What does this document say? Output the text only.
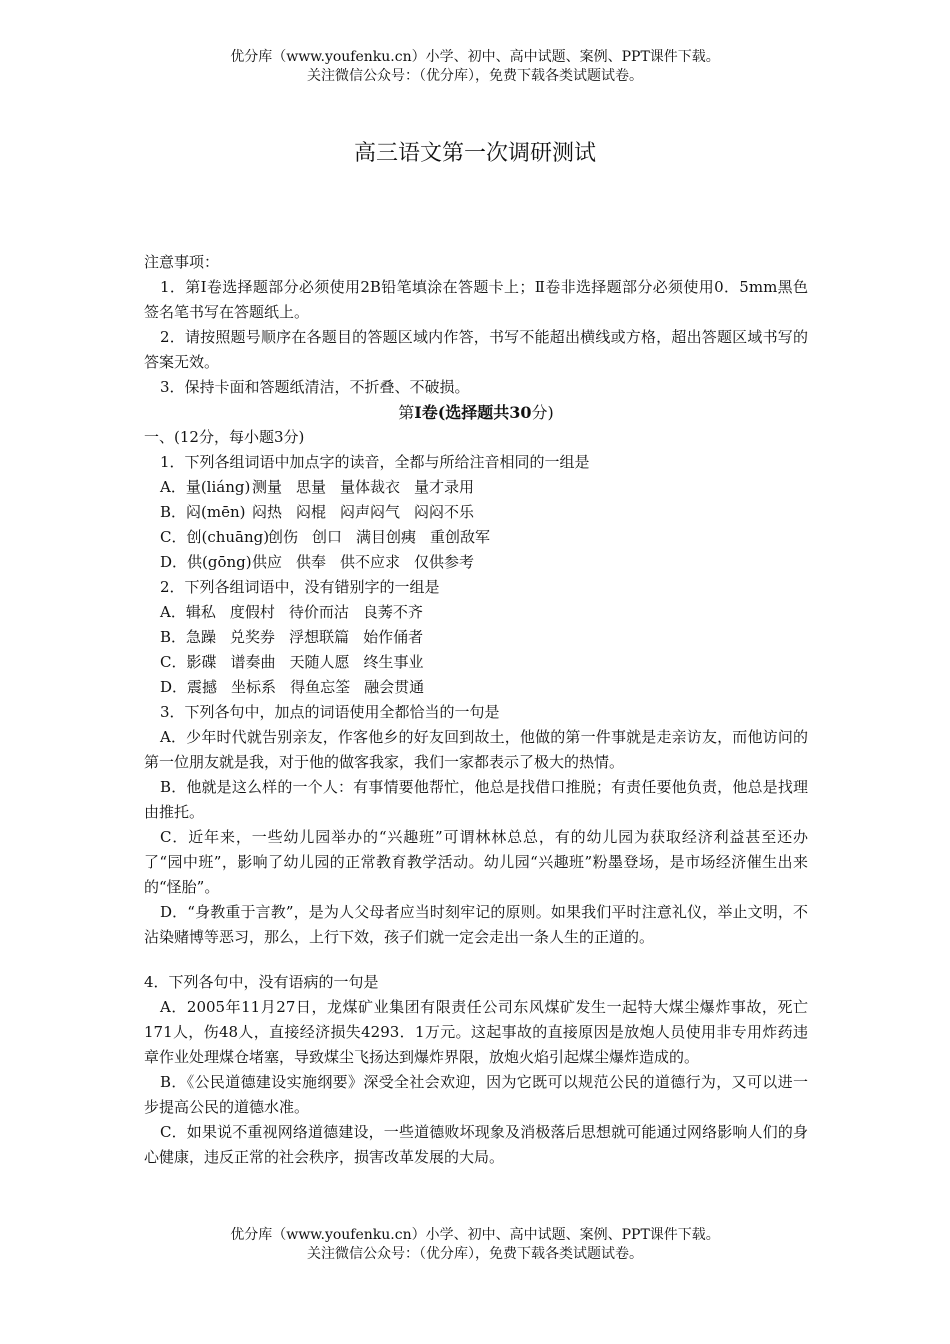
优分库（www.youfenku.cn）小学、初中、高中试题、案例、PPT课件下载。
关注微信公众号：（优分库），免费下载各类试题试卷。
高三语文第一次调研测试

注意事项：

1．第I卷选择题部分必须使用2B铅笔填涂在答题卡上；Ⅱ卷非选择题部分必须使用0．5mm黑色签名笔书写在答题纸上。

2．请按照题号顺序在各题目的答题区域内作答，书写不能超出横线或方格，超出答题区域书写的答案无效。

3．保持卡面和答题纸清洁，不折叠、不破损。

第I卷(选择题共30分)

一、(12分，每小题3分)

1．下列各组词语中加点字的读音，全都与所给注音相同的一组是

A．量(liáng) 测量 思量 量体裁衣 量才录用

B．闷(mēn) 闷热 闷棍 闷声闷气 闷闷不乐

C．创(chuāng)创伤 创口 满目创痍 重创敌军

D．供(gōng)供应 供奉 供不应求 仅供参考

2．下列各组词语中，没有错别字的一组是

A．辑私 度假村 待价而沽 良莠不齐

B．急躁 兑奖券 浮想联篇 始作俑者

C．影碟 谱奏曲 天随人愿 终生事业

D．震撼 坐标系 得鱼忘筌 融会贯通

3．下列各句中，加点的词语使用全都恰当的一句是

A．少年时代就告别亲友，作客他乡的好友回到故土，他做的第一件事就是走亲访友，而他访问的第一位朋友就是我，对于他的做客我家，我们一家都表示了极大的热情。

B．他就是这么样的一个人：有事情要他帮忙，他总是找借口推脱；有责任要他负责，他总是找理由推托。

C．近年来，一些幼儿园举办的“兴趣班”可谓林林总总，有的幼儿园为获取经济利益甚至还办了“园中班”，影响了幼儿园的正常教育教学活动。幼儿园“兴趣班”粉墨登场，是市场经济催生出来的“怪胎”。

D．“身教重于言教”，是为人父母者应当时刻牢记的原则。如果我们平时注意礼仪，举止文明，不沾染赌博等恶习，那么，上行下效，孩子们就一定会走出一条人生的正道的。

4．下列各句中，没有语病的一句是

A．2005年11月27日，龙煤矿业集团有限责任公司东风煤矿发生一起特大煤尘爆炸事故，死亡171人，伤48人，直接经济损失4293．1万元。这起事故的直接原因是放炮人员使用非专用炸药违章作业处理煤仓堵塞，导致煤尘飞扬达到爆炸界限，放炮火焰引起煤尘爆炸造成的。

B．《公民道德建设实施纲要》深受全社会欢迎，因为它既可以规范公民的道德行为，又可以进一步提高公民的道德水准。

C．如果说不重视网络道德建设，一些道德败坏现象及消极落后思想就可能通过网络影响人们的身心健康，违反正常的社会秩序，损害改革发展的大局。

优分库（www.youfenku.cn）小学、初中、高中试题、案例、PPT课件下载。
关注微信公众号：（优分库），免费下载各类试题试卷。
